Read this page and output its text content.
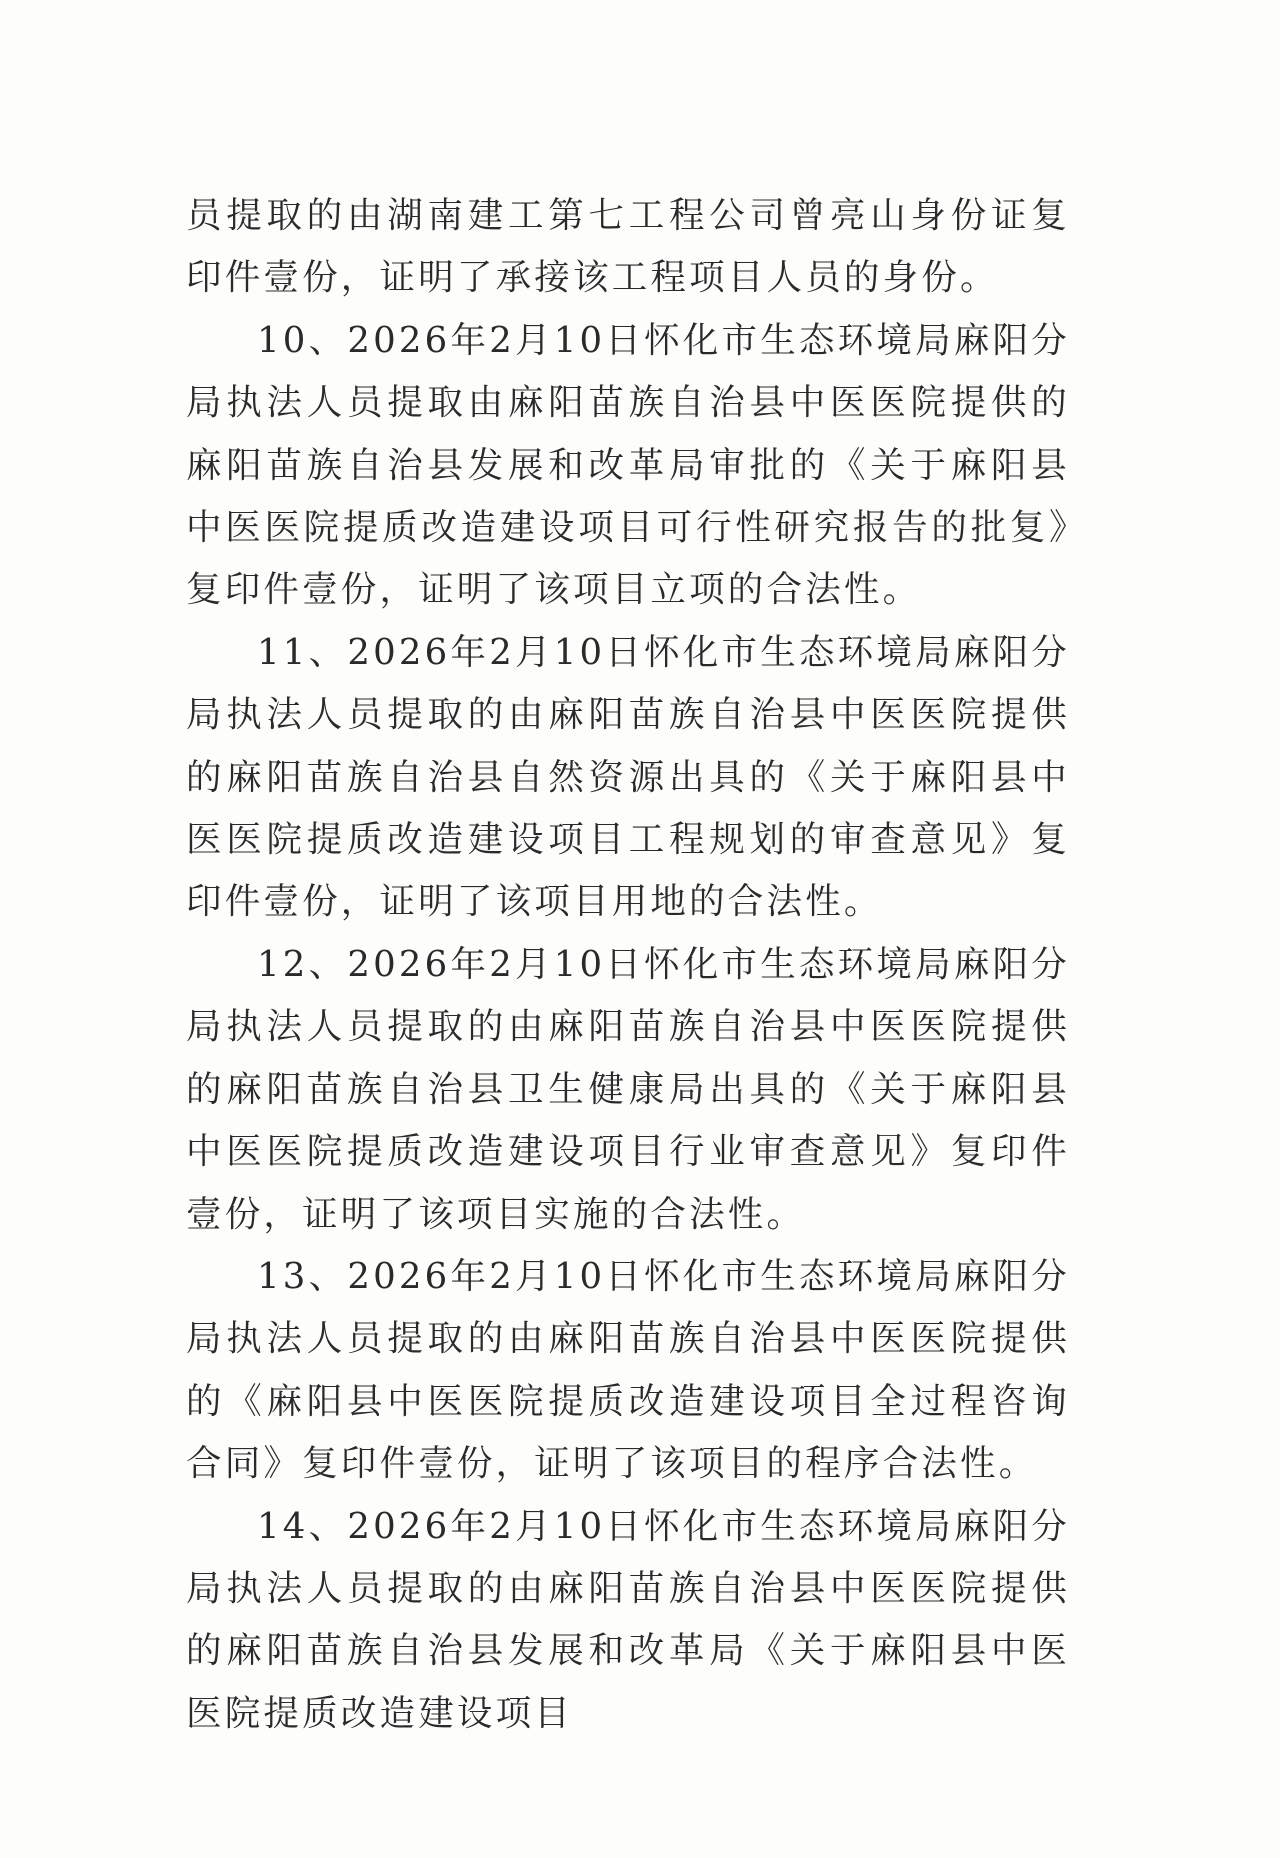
员提取的由湖南建工第七工程公司曾亮山身份证复印件壹份，证明了承接该工程项目人员的身份。

10、2026年2月10日怀化市生态环境局麻阳分局执法人员提取由麻阳苗族自治县中医医院提供的麻阳苗族自治县发展和改革局审批的《关于麻阳县中医医院提质改造建设项目可行性研究报告的批复》复印件壹份，证明了该项目立项的合法性。

11、2026年2月10日怀化市生态环境局麻阳分局执法人员提取的由麻阳苗族自治县中医医院提供的麻阳苗族自治县自然资源出具的《关于麻阳县中医医院提质改造建设项目工程规划的审查意见》复印件壹份，证明了该项目用地的合法性。

12、2026年2月10日怀化市生态环境局麻阳分局执法人员提取的由麻阳苗族自治县中医医院提供的麻阳苗族自治县卫生健康局出具的《关于麻阳县中医医院提质改造建设项目行业审查意见》复印件壹份，证明了该项目实施的合法性。

13、2026年2月10日怀化市生态环境局麻阳分局执法人员提取的由麻阳苗族自治县中医医院提供的《麻阳县中医医院提质改造建设项目全过程咨询合同》复印件壹份，证明了该项目的程序合法性。

14、2026年2月10日怀化市生态环境局麻阳分局执法人员提取的由麻阳苗族自治县中医医院提供的麻阳苗族自治县发展和改革局《关于麻阳县中医医院提质改造建设项目
